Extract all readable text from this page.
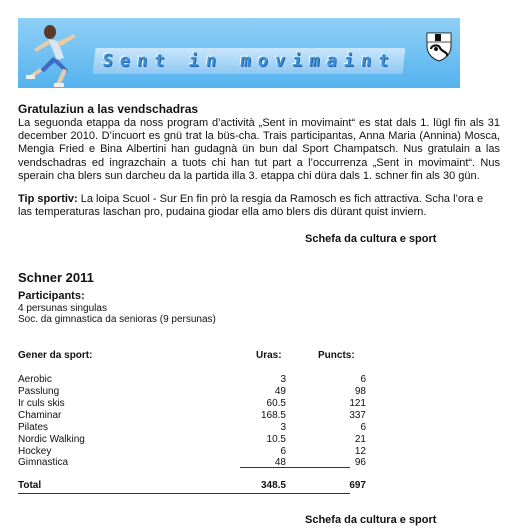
Sent in movimaint
Gratulaziun a las vendschadras

La seguonda etappa da noss program d’actività „Sent in movimaint“ es stat dals 1. lügl fin als 31 december 2010. D’incuort es gnü trat la büs-cha. Trais participantas, Anna Maria (Annina) Mosca, Mengia Fried e Bina Albertini han gudagnà ün bun dal Sport Champatsch. Nus gratulain a las vendschadras ed ingrazchain a tuots chi han tut part a l’occurrenza „Sent in movimaint“. Nus sperain cha blers sun darcheu da la partida illa 3. etappa chi düra dals 1. schner fin als 30 gün.

Tip sportiv: La loipa Scuol - Sur En fin prò la resgia da Ramosch es fich attractiva. Scha l’ora e las temperaturas laschan pro, pudaina giodar ella amo blers dis dürant quist inviern.

Schefa da cultura e sport
Schner 2011
Participants:
4 persunas singulas
Soc. da gimnastica da senioras (9 persunas)
Gener da sport:	Uras:	Puncts:
Aerobic	3	6
Passlung	49	98
Ir culs skis	60.5	121
Chaminar	168.5	337
Pilates	3	6
Nordic Walking	10.5	21
Hockey	6	12
Gimnastica	48	96
Total	348.5	697
Schefa da cultura e sport
